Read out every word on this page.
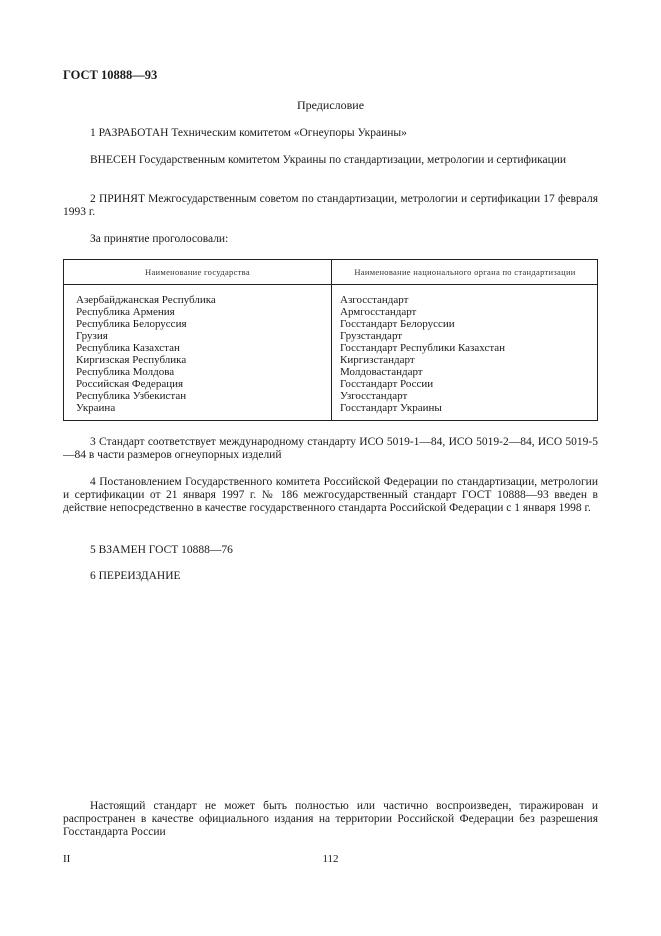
ГОСТ 10888—93
Предисловие
1 РАЗРАБОТАН Техническим комитетом «Огнеупоры Украины»
ВНЕСЕН Государственным комитетом Украины по стандартизации, метрологии и сертификации
2 ПРИНЯТ Межгосударственным советом по стандартизации, метрологии и сертификации 17 февраля 1993 г.
За принятие проголосовали:
Наименование государства	Наименование национального органа по стандартизации
Азербайджанская Республика
Республика Армения
Республика Белоруссия
Грузия
Республика Казахстан
Киргизская Республика
Республика Молдова
Российская Федерация
Республика Узбекистан
Украина
Азгосстандарт
Армгосстандарт
Госстандарт Белоруссии
Грузстандарт
Госстандарт Республики Казахстан
Киргизстандарт
Молдовастандарт
Госстандарт России
Узгосстандарт
Госстандарт Украины
3 Стандарт соответствует международному стандарту ИСО 5019-1—84, ИСО 5019-2—84, ИСО 5019-5—84 в части размеров огнеупорных изделий
4 Постановлением Государственного комитета Российской Федерации по стандартизации, метрологии и сертификации от 21 января 1997 г. № 186 межгосударственный стандарт ГОСТ 10888—93 введен в действие непосредственно в качестве государственного стандарта Российской Федерации с 1 января 1998 г.
5 ВЗАМЕН ГОСТ 10888—76
6 ПЕРЕИЗДАНИЕ
Настоящий стандарт не может быть полностью или частично воспроизведен, тиражирован и распространен в качестве официального издания на территории Российской Федерации без разрешения Госстандарта России
II	112
